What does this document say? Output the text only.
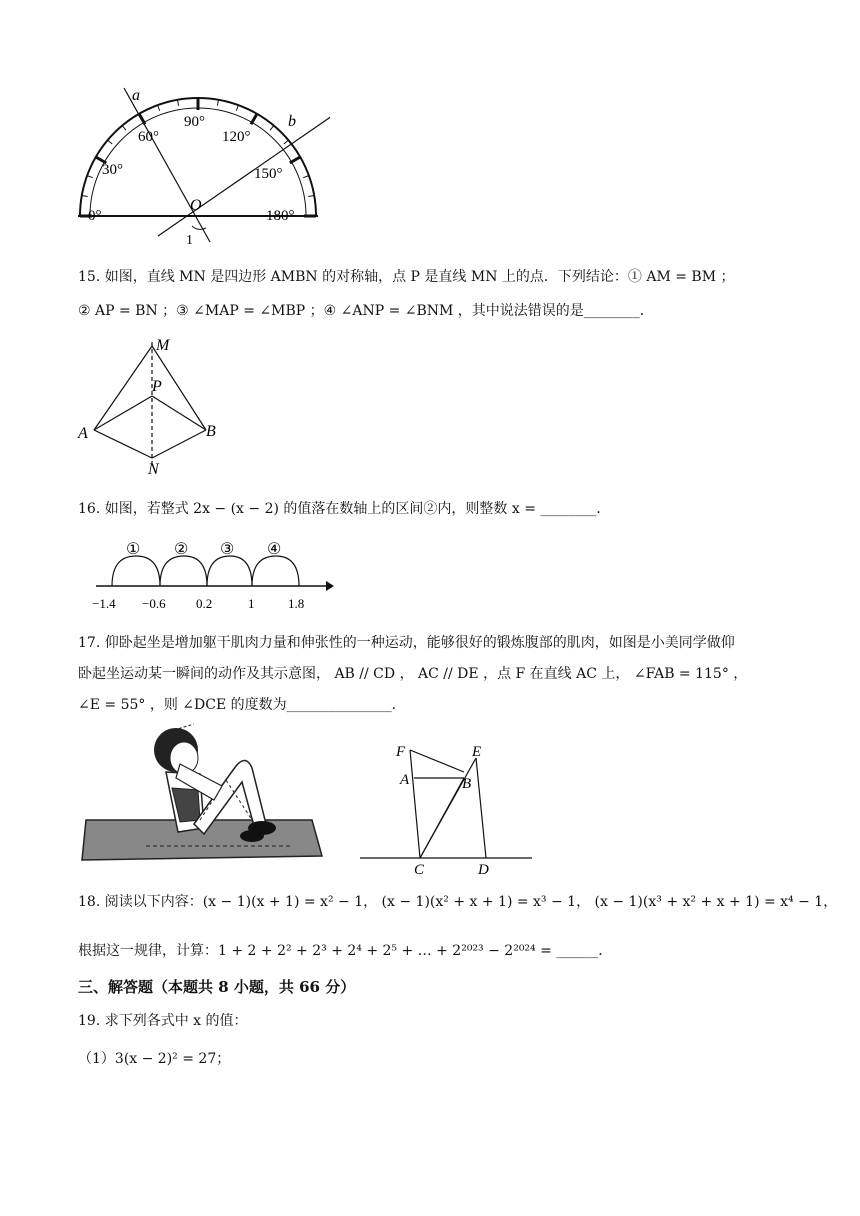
a
b
O
1
0°
30°
60°
90°
120°
150°
180°
15. 如图，直线 MN 是四边形 AMBN 的对称轴，点 P 是直线 MN 上的点．下列结论：① AM = BM ；
② AP = BN ；③ ∠MAP = ∠MBP ；④ ∠ANP = ∠BNM ，其中说法错误的是________．
M
P
A	B
N
16. 如图，若整式 2x − (x − 2) 的值落在数轴上的区间②内，则整数 x = ________．
① ② ③ ④
−1.4 −0.6 0.2	1	1.8
17. 仰卧起坐是增加躯干肌肉力量和伸张性的一种运动，能够很好的锻炼腹部的肌肉，如图是小美同学做仰
卧起坐运动某一瞬间的动作及其示意图， AB // CD ， AC // DE ，点 F 在直线 AC 上， ∠FAB = 115° ，
∠E = 55° ，则 ∠DCE 的度数为_______________．
F	E
A	B
C	D
18. 阅读以下内容：(x − 1)(x + 1) = x² − 1， (x − 1)(x² + x + 1) = x³ − 1， (x − 1)(x³ + x² + x + 1) = x⁴ − 1，
根据这一规律，计算：1 + 2 + 2² + 2³ + 2⁴ + 2⁵ + … + 2²⁰²³ − 2²⁰²⁴ = ______．
三、解答题（本题共 8 小题，共 66 分）
19. 求下列各式中 x 的值：
（1）3(x − 2)² = 27；
